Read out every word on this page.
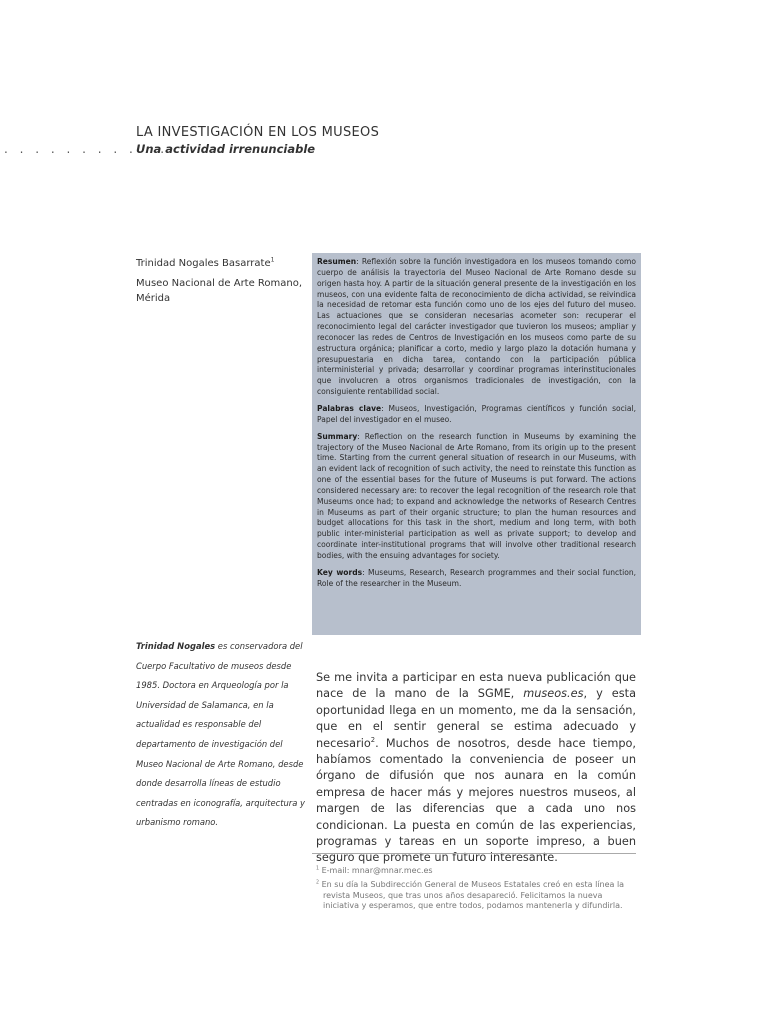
. . . . . . . . . . . .
LA INVESTIGACIÓN EN LOS MUSEOS
Una actividad irrenunciable
Trinidad Nogales Basarrate$^1$
Museo Nacional de Arte Romano, Mérida

Resumen: Reflexión sobre la función investigadora en los museos tomando como cuerpo de análisis la trayectoria del Museo Nacional de Arte Romano desde su origen hasta hoy. A partir de la situación general presente de la investigación en los museos, con una evidente falta de reconocimiento de dicha actividad, se reivindica la necesidad de retomar esta función como uno de los ejes del futuro del museo. Las actuaciones que se consideran necesarias acometer son: recuperar el reconocimiento legal del carácter investigador que tuvieron los museos; ampliar y reconocer las redes de Centros de Investigación en los museos como parte de su estructura orgánica; planificar a corto, medio y largo plazo la dotación humana y presupuestaria en dicha tarea, contando con la participación pública interministerial y privada; desarrollar y coordinar programas interinstitucionales que involucren a otros organismos tradicionales de investigación, con la consiguiente rentabilidad social.

Palabras clave: Museos, Investigación, Programas científicos y función social, Papel del investigador en el museo.

Summary: Reflection on the research function in Museums by examining the trajectory of the Museo Nacional de Arte Romano, from its origin up to the present time. Starting from the current general situation of research in our Museums, with an evident lack of recognition of such activity, the need to reinstate this function as one of the essential bases for the future of Museums is put forward. The actions considered necessary are: to recover the legal recognition of the research role that Museums once had; to expand and acknowledge the networks of Research Centres in Museums as part of their organic structure; to plan the human resources and budget allocations for this task in the short, medium and long term, with both public inter-ministerial participation as well as private support; to develop and coordinate inter-institutional programs that will involve other traditional research bodies, with the ensuing advantages for society.

Key words: Museums, Research, Research programmes and their social function, Role of the researcher in the Museum.

Trinidad Nogales es conservadora del Cuerpo Facultativo de museos desde 1985. Doctora en Arqueología por la Universidad de Salamanca, en la actualidad es responsable del departamento de investigación del Museo Nacional de Arte Romano, desde donde desarrolla líneas de estudio centradas en iconografía, arquitectura y urbanismo romano.
Se me invita a participar en esta nueva publicación que nace de la mano de la SGME, museos.es, y esta oportunidad llega en un momento, me da la sensación, que en el sentir general se estima adecuado y necesario$^2$. Muchos de nosotros, desde hace tiempo, habíamos comentado la conveniencia de poseer un órgano de difusión que nos aunara en la común empresa de hacer más y mejores nuestros museos, al margen de las diferencias que a cada uno nos condicionan. La puesta en común de las experiencias, programas y tareas en un soporte impreso, a buen seguro que promete un futuro interesante.

$^1$ E-mail: mnar@mnar.mec.es

$^2$ En su día la Subdirección General de Museos Estatales creó en esta línea la revista Museos, que tras unos años desapareció. Felicitamos la nueva iniciativa y esperamos, que entre todos, podamos mantenerla y difundirla.
